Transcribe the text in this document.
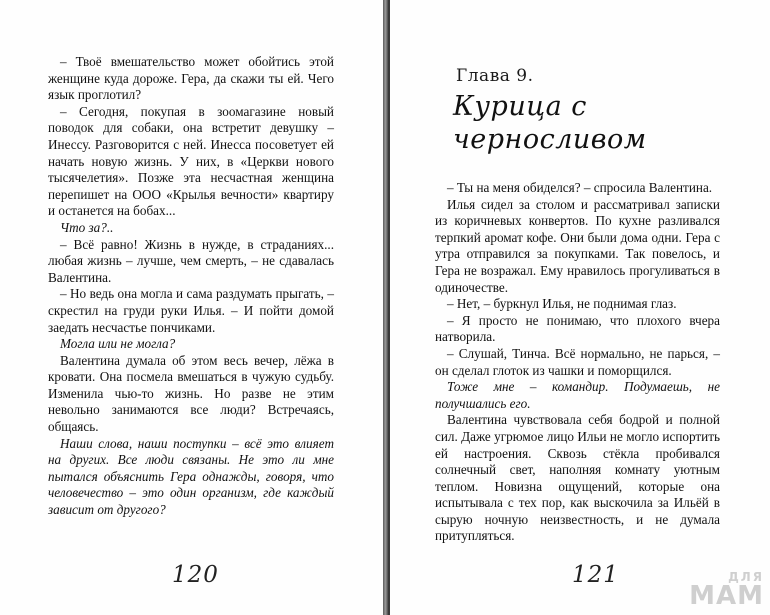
– Твоё вмешательство может обойтись этой женщине куда дороже. Гера, да скажи ты ей. Чего язык проглотил?

– Сегодня, покупая в зоомагазине новый поводок для собаки, она встретит девушку – Инессу. Разговорится с ней. Инесса посоветует ей начать новую жизнь. У них, в «Церкви нового тысячелетия». Позже эта несчастная женщина перепишет на ООО «Крылья вечности» квартиру и останется на бобах...

Что за?..

– Всё равно! Жизнь в нужде, в страданиях... любая жизнь – лучше, чем смерть, – не сдавалась Валентина.

– Но ведь она могла и сама раздумать прыгать, – скрестил на груди руки Илья. – И пойти домой заедать несчастье пончиками.

Могла или не могла?

Валентина думала об этом весь вечер, лёжа в кровати. Она посмела вмешаться в чужую судьбу. Изменила чью-то жизнь. Но разве не этим невольно занимаются все люди? Встречаясь, общаясь.

Наши слова, наши поступки – всё это влияет на других. Все люди связаны. Не это ли мне пытался объяснить Гера однажды, говоря, что человечество – это один организм, где каждый зависит от другого?

120
Глава 9.
Курица с черносливом

– Ты на меня обиделся? – спросила Валентина.

Илья сидел за столом и рассматривал записки из коричневых конвертов. По кухне разливался терпкий аромат кофе. Они были дома одни. Гера с утра отправился за покупками. Так повелось, и Гера не возражал. Ему нравилось прогуливаться в одиночестве.

– Нет, – буркнул Илья, не поднимая глаз.

– Я просто не понимаю, что плохого вчера натворила.

– Слушай, Тинча. Всё нормально, не парься, – он сделал глоток из чашки и поморщился.

Тоже мне – командир. Подумаешь, не получшались его.

Валентина чувствовала себя бодрой и полной сил. Даже угрюмое лицо Ильи не могло испортить ей настроения. Сквозь стёкла пробивался солнечный свет, наполняя комнату уютным теплом. Новизна ощущений, которые она испытывала с тех пор, как выскочила за Ильёй в сырую ночную неизвестность, и не думала притупляться.

121	ДЛЯ
МАМ
